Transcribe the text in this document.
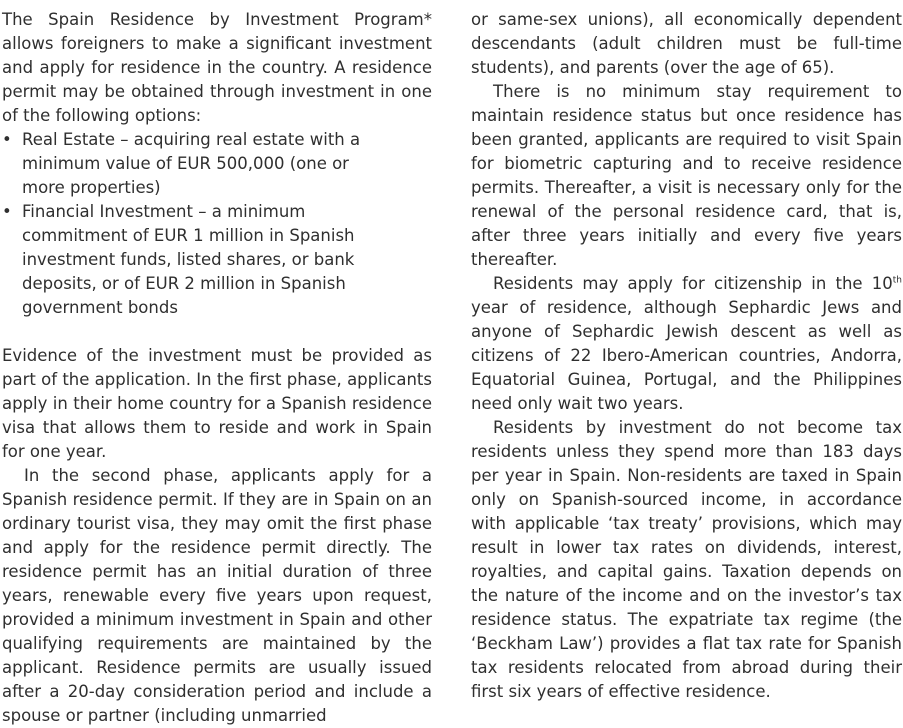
The Spain Residence by Investment Program* allows foreigners to make a significant investment and apply for residence in the country. A residence permit may be obtained through investment in one of the following options:

• Real Estate – acquiring real estate with a minimum value of EUR 500,000 (one or more properties)
• Financial Investment – a minimum commitment of EUR 1 million in Spanish investment funds, listed shares, or bank deposits, or of EUR 2 million in Spanish government bonds

Evidence of the investment must be provided as part of the application. In the first phase, applicants apply in their home country for a Spanish residence visa that allows them to reside and work in Spain for one year.

In the second phase, applicants apply for a Spanish residence permit. If they are in Spain on an ordinary tourist visa, they may omit the first phase and apply for the residence permit directly. The residence permit has an initial duration of three years, renewable every five years upon request, provided a minimum investment in Spain and other qualifying requirements are maintained by the applicant. Residence permits are usually issued after a 20-day consideration period and include a spouse or partner (including unmarried

or same-sex unions), all economically dependent descendants (adult children must be full-time students), and parents (over the age of 65).

There is no minimum stay requirement to maintain residence status but once residence has been granted, applicants are required to visit Spain for biometric capturing and to receive residence permits. Thereafter, a visit is necessary only for the renewal of the personal residence card, that is, after three years initially and every five years thereafter.

Residents may apply for citizenship in the 10th year of residence, although Sephardic Jews and anyone of Sephardic Jewish descent as well as citizens of 22 Ibero-American countries, Andorra, Equatorial Guinea, Portugal, and the Philippines need only wait two years.

Residents by investment do not become tax residents unless they spend more than 183 days per year in Spain. Non-residents are taxed in Spain only on Spanish-sourced income, in accordance with applicable ‘tax treaty’ provisions, which may result in lower tax rates on dividends, interest, royalties, and capital gains. Taxation depends on the nature of the income and on the investor’s tax residence status. The expatriate tax regime (the ‘Beckham Law’) provides a flat tax rate for Spanish tax residents relocated from abroad during their first six years of effective residence.
